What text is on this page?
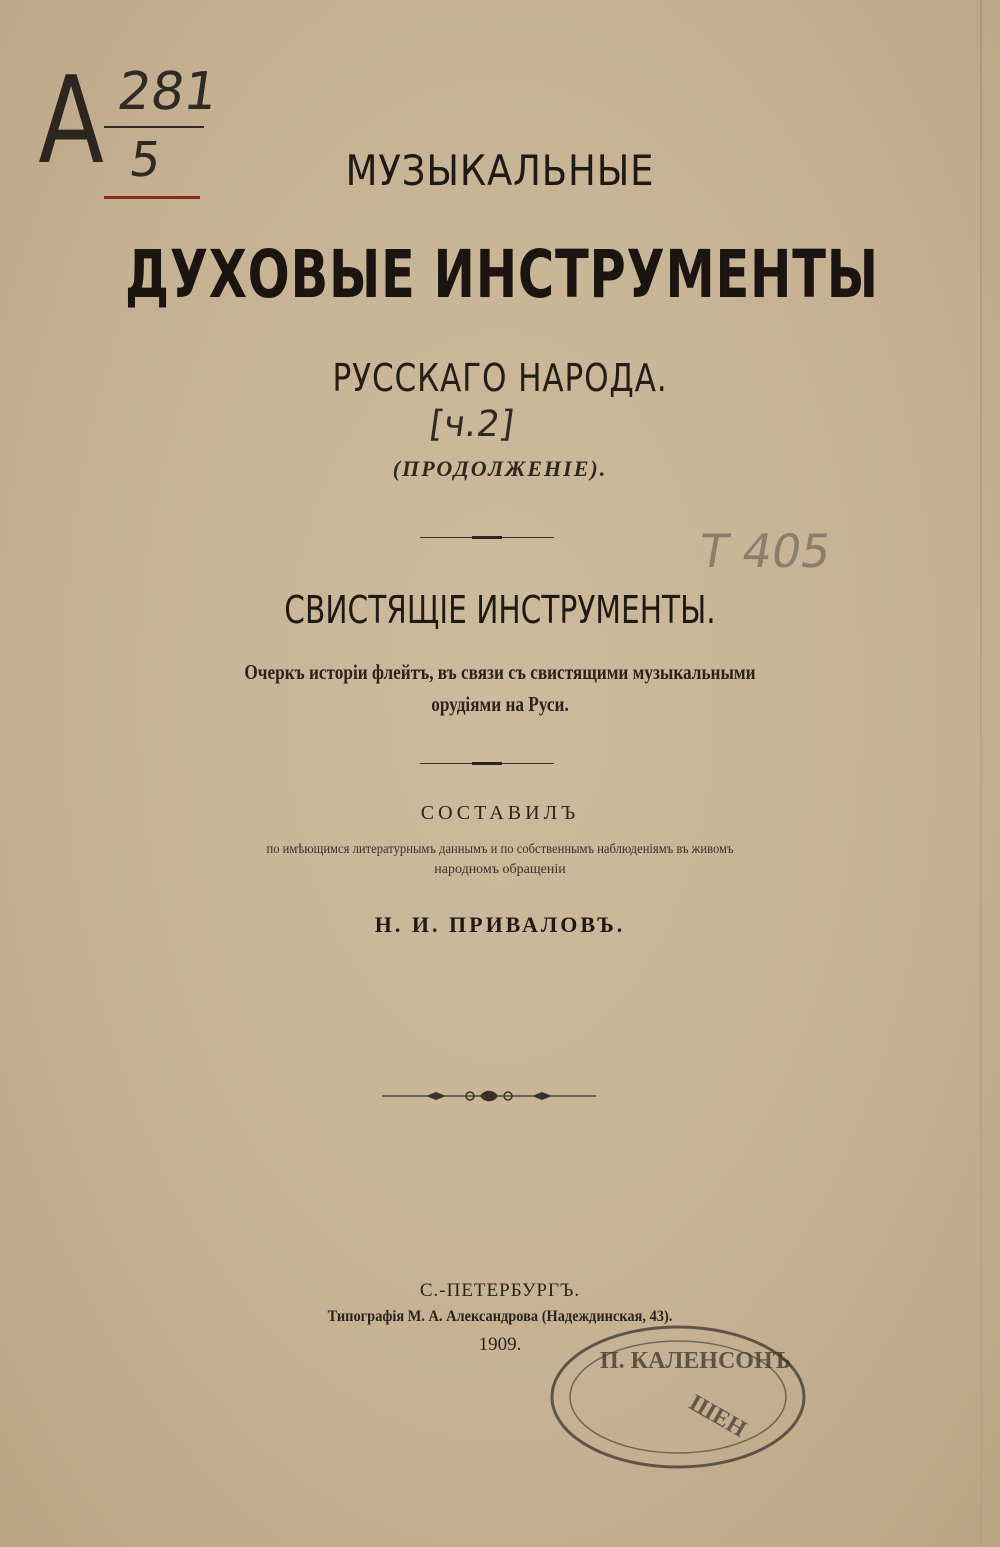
А 281
5
[ч.2]
Т 405
МУЗЫКАЛЬНЫЕ
ДУХОВЫЕ ИНСТРУМЕНТЫ
РУССКАГО НАРОДА.
(ПРОДОЛЖЕНIЕ).
СВИСТЯЩIЕ ИНСТРУМЕНТЫ.
Очеркъ исторiи флейтъ, въ связи съ свистящими музыкальными
орудiями на Руси.
СОСТАВИЛЪ
по имѣющимся литературнымъ даннымъ и по собственнымъ наблюденiямъ въ живомъ
народномъ обращенiи
Н. И. ПРИВАЛОВЪ.
С.-ПЕТЕРБУРГЪ.
Типографiя М. А. Александрова (Надеждинская, 43).
1909.
П. КАЛЕНСОНЪ
ШЕН
